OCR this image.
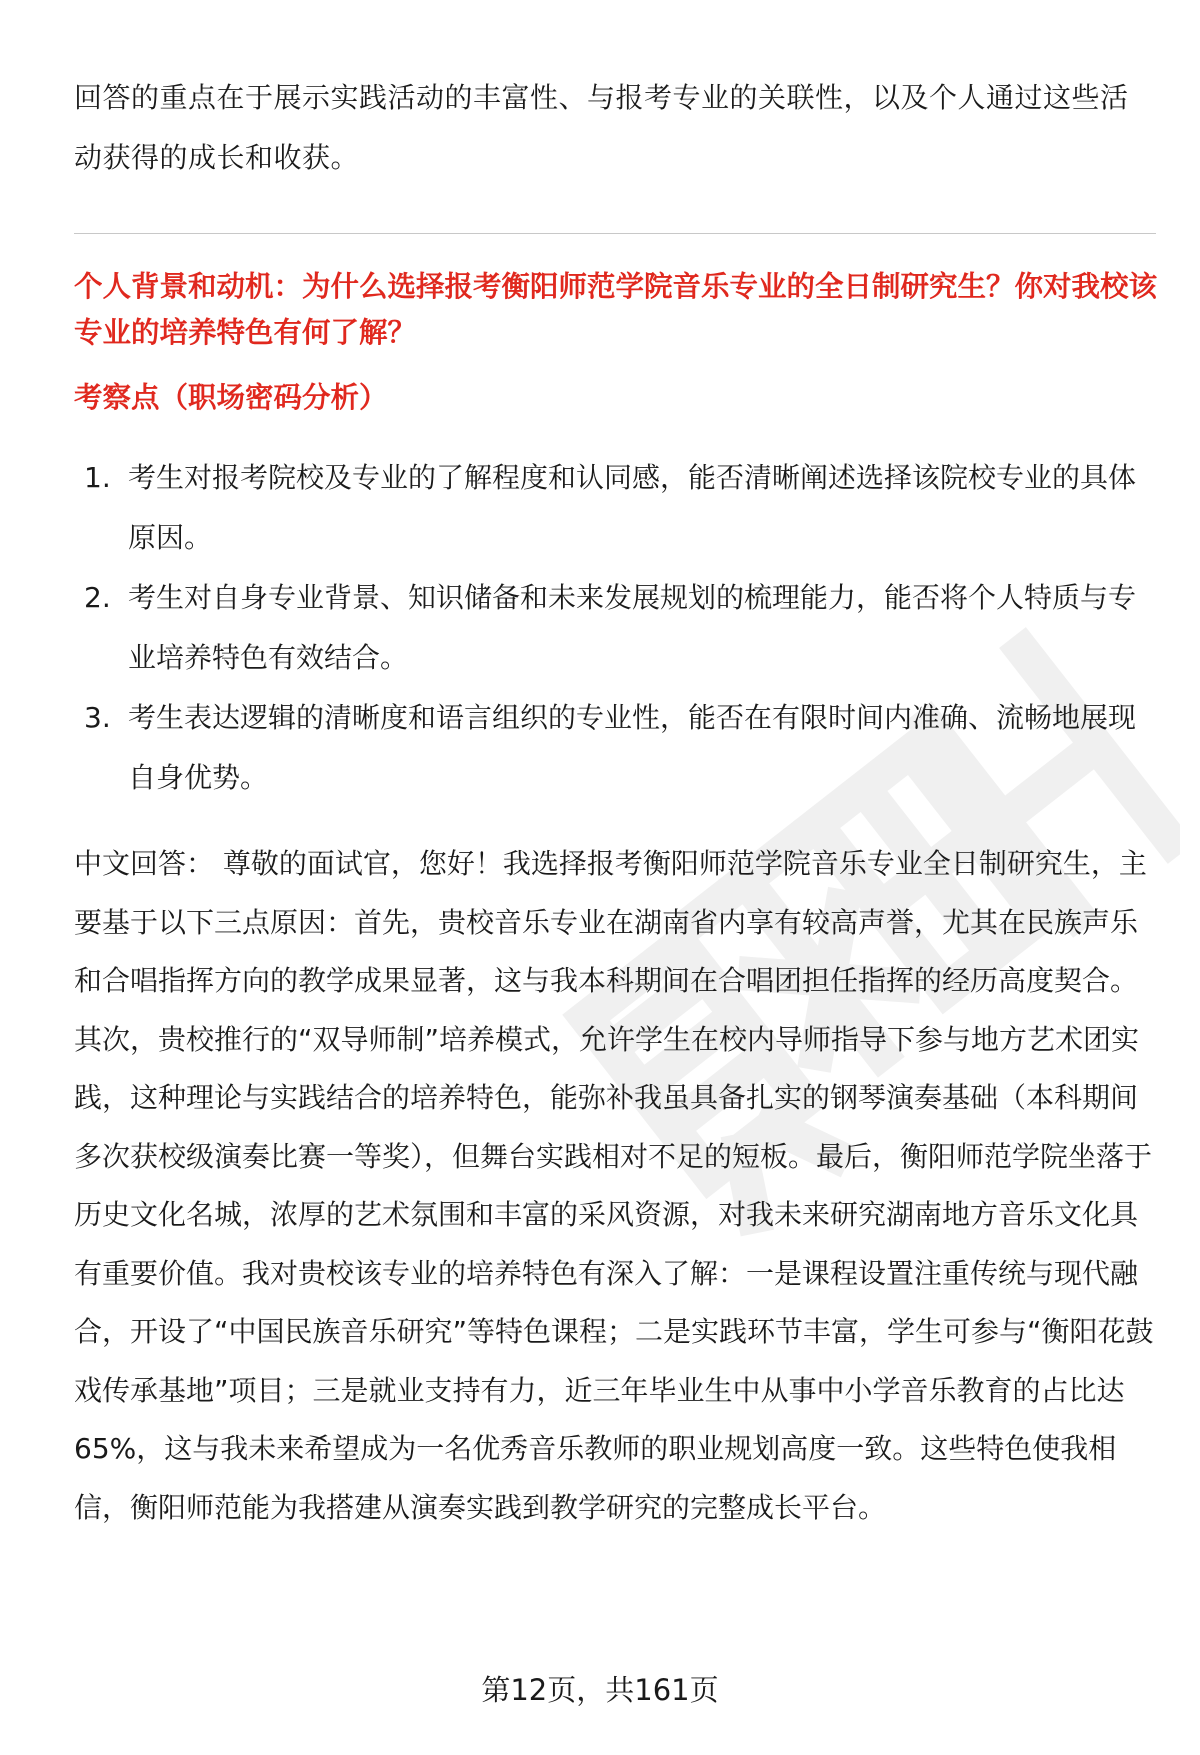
回答的重点在于展示实践活动的丰富性、与报考专业的关联性，以及个人通过这些活动获得的成长和收获。
个人背景和动机：为什么选择报考衡阳师范学院音乐专业的全日制研究生？你对我校该专业的培养特色有何了解？
考察点（职场密码分析）
1. 考生对报考院校及专业的了解程度和认同感，能否清晰阐述选择该院校专业的具体原因。
2. 考生对自身专业背景、知识储备和未来发展规划的梳理能力，能否将个人特质与专业培养特色有效结合。
3. 考生表达逻辑的清晰度和语言组织的专业性，能否在有限时间内准确、流畅地展现自身优势。
中文回答： 尊敬的面试官，您好！我选择报考衡阳师范学院音乐专业全日制研究生，主要基于以下三点原因：首先，贵校音乐专业在湖南省内享有较高声誉，尤其在民族声乐和合唱指挥方向的教学成果显著，这与我本科期间在合唱团担任指挥的经历高度契合。其次，贵校推行的“双导师制”培养模式，允许学生在校内导师指导下参与地方艺术团实践，这种理论与实践结合的培养特色，能弥补我虽具备扎实的钢琴演奏基础（本科期间多次获校级演奏比赛一等奖），但舞台实践相对不足的短板。最后，衡阳师范学院坐落于历史文化名城，浓厚的艺术氛围和丰富的采风资源，对我未来研究湖南地方音乐文化具有重要价值。我对贵校该专业的培养特色有深入了解：一是课程设置注重传统与现代融合，开设了“中国民族音乐研究”等特色课程；二是实践环节丰富，学生可参与“衡阳花鼓戏传承基地”项目；三是就业支持有力，近三年毕业生中从事中小学音乐教育的占比达65%，这与我未来希望成为一名优秀音乐教师的职业规划高度一致。这些特色使我相信，衡阳师范能为我搭建从演奏实践到教学研究的完整成长平台。
第12页，共161页
